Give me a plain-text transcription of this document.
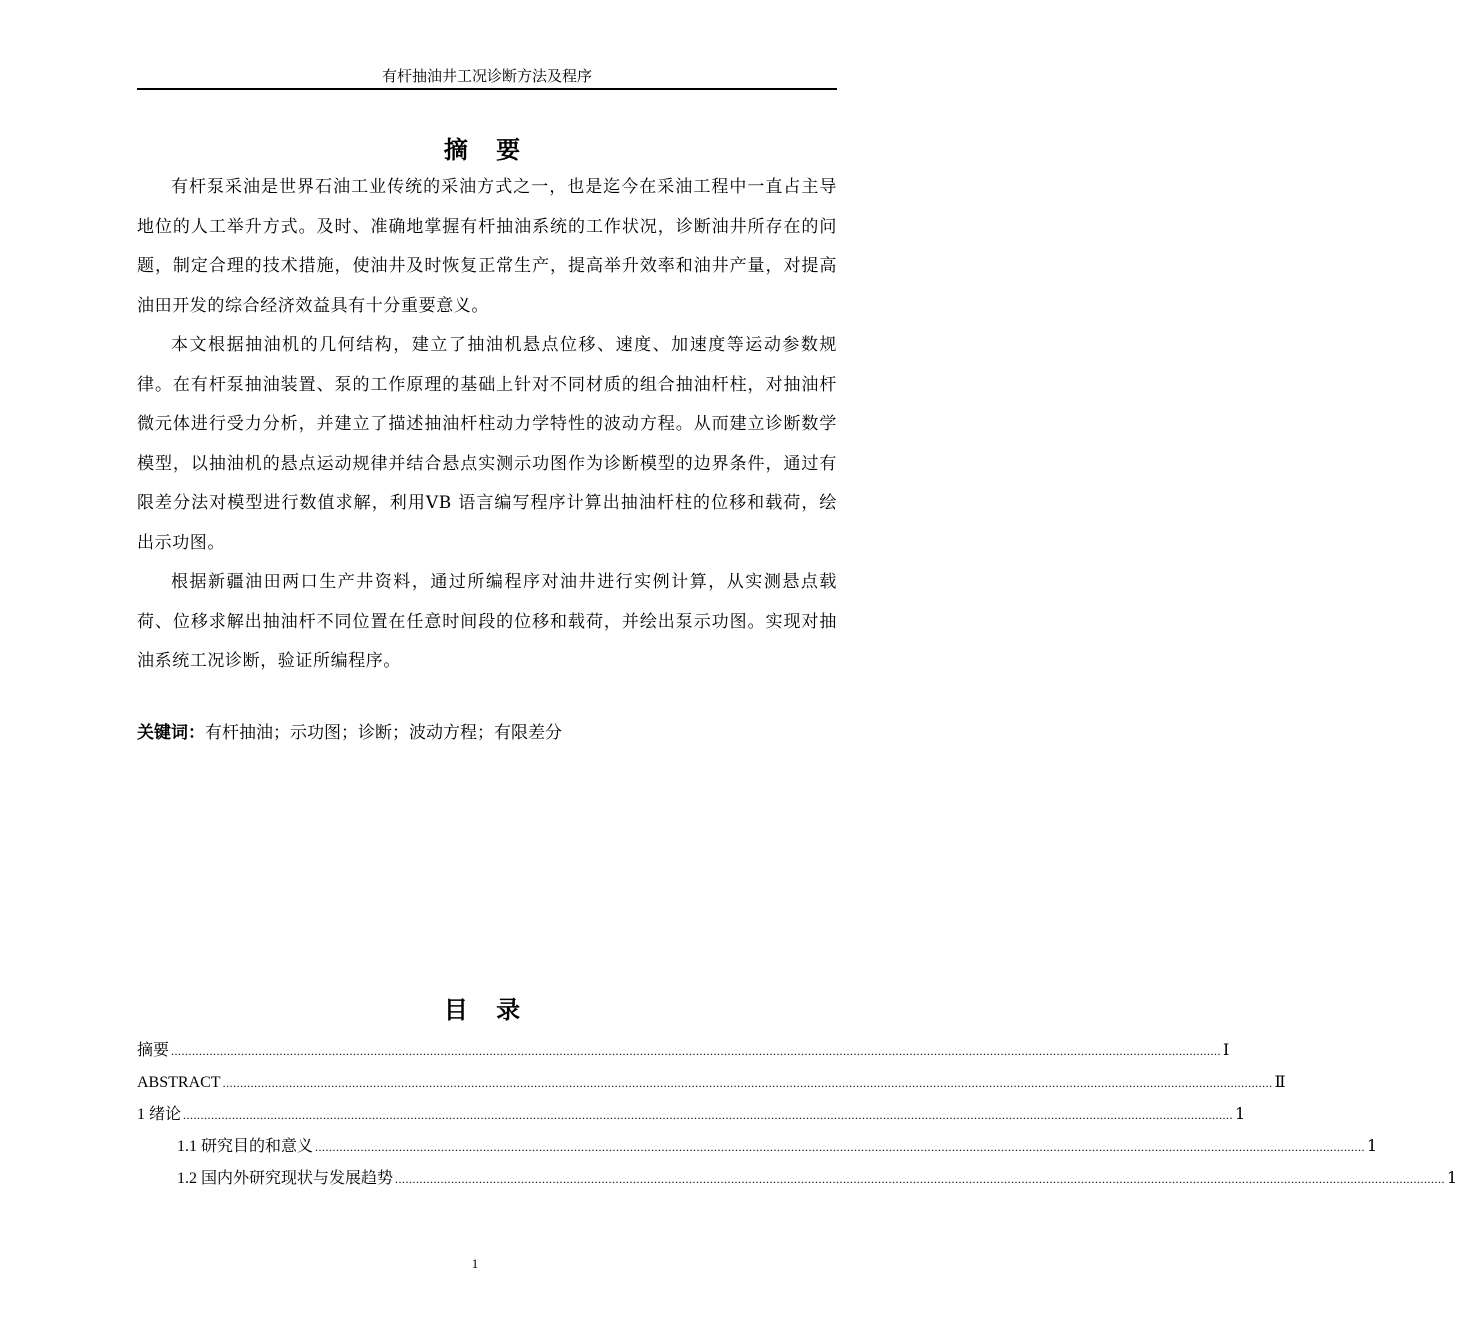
有杆抽油井工况诊断方法及程序
摘 要

有杆泵采油是世界石油工业传统的采油方式之一，也是迄今在采油工程中一直占主导地位的人工举升方式。及时、准确地掌握有杆抽油系统的工作状况，诊断油井所存在的问题，制定合理的技术措施，使油井及时恢复正常生产，提高举升效率和油井产量，对提高油田开发的综合经济效益具有十分重要意义。

本文根据抽油机的几何结构，建立了抽油机悬点位移、速度、加速度等运动参数规律。在有杆泵抽油装置、泵的工作原理的基础上针对不同材质的组合抽油杆柱，对抽油杆微元体进行受力分析，并建立了描述抽油杆柱动力学特性的波动方程。从而建立诊断数学模型，以抽油机的悬点运动规律并结合悬点实测示功图作为诊断模型的边界条件，通过有限差分法对模型进行数值求解，利用VB 语言编写程序计算出抽油杆柱的位移和载荷，绘出示功图。

根据新疆油田两口生产井资料，通过所编程序对油井进行实例计算，从实测悬点载荷、位移求解出抽油杆不同位置在任意时间段的位移和载荷，并绘出泵示功图。实现对抽油系统工况诊断，验证所编程序。

关键词：有杆抽油；示功图；诊断；波动方程；有限差分
目 录
摘要 ............................................................................................................................................................................................................................................................................................................ Ⅰ
ABSTRACT ............................................................................................................................................................................................................................................................................................................ Ⅱ
1 绪论 ............................................................................................................................................................................................................................................................................................................ 1
1.1 研究目的和意义 ............................................................................................................................................................................................................................................................................................................ 1
1.2 国内外研究现状与发展趋势 ............................................................................................................................................................................................................................................................................................................ 1
1
